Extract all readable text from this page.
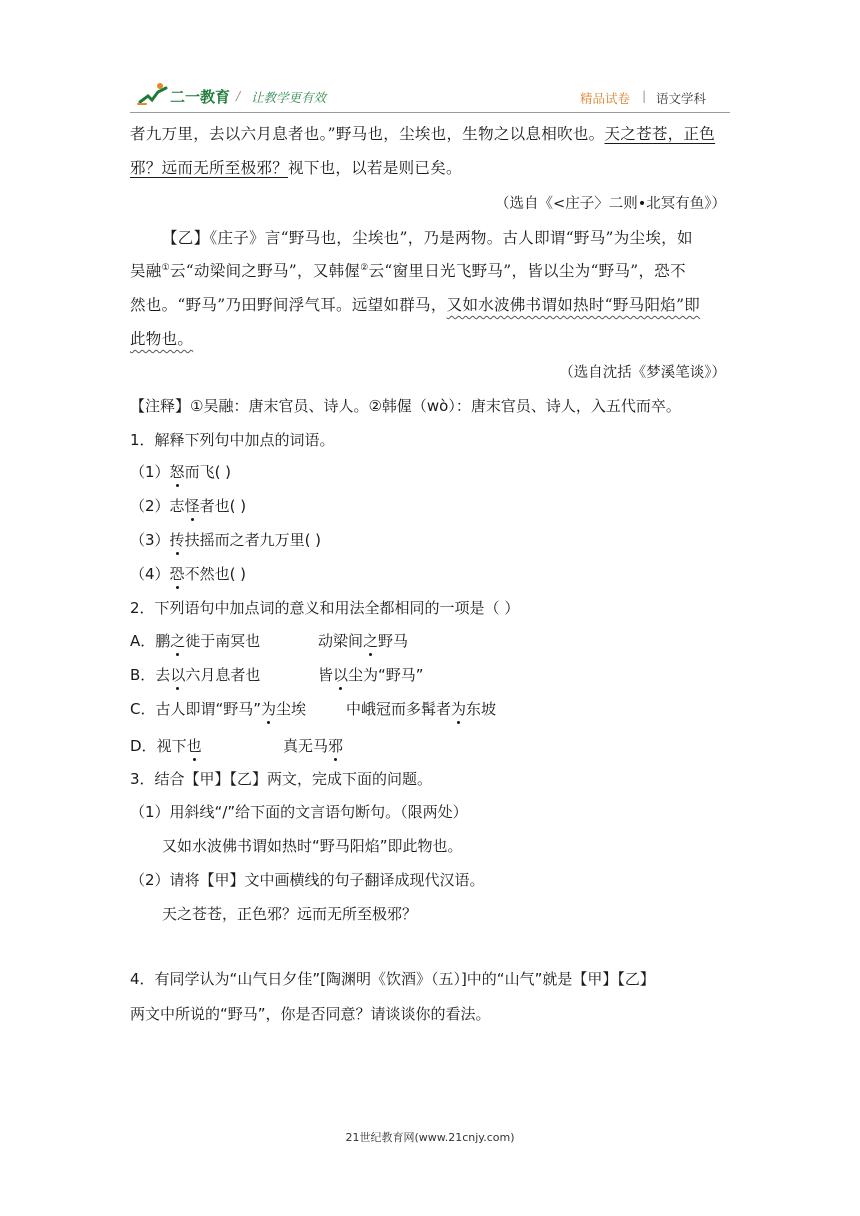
二一教育 / 让教学更有效	精品试卷 | 语文学科
者九万里，去以六月息者也。”野马也，尘埃也，生物之以息相吹也。天之苍苍，正色
邪？远而无所至极邪？视下也，以若是则已矣。
（选自《<庄子〉二则•北冥有鱼》）
【乙】《庄子》言“野马也，尘埃也”，乃是两物。古人即谓“野马”为尘埃，如
吴融①云“动梁间之野马”，又韩偓②云“窗里日光飞野马”，皆以尘为“野马”，恐不
然也。“野马”乃田野间浮气耳。远望如群马，又如水波佛书谓如热时“野马阳焰”即
此物也。
（选自沈括《梦溪笔谈》）
【注释】①吴融：唐末官员、诗人。②韩偓（wò）：唐末官员、诗人，入五代而卒。
1．解释下列句中加点的词语。
（1）怒而飞( )
（2）志怪者也( )
（3）抟扶摇而之者九万里( )
（4）恐不然也( )
2．下列语句中加点词的意义和用法全都相同的一项是（ ）
A．鹏之徙于南冥也	动梁间之野马
B．去以六月息者也	皆以尘为“野马”
C．古人即谓“野马”为尘埃	中峨冠而多髯者为东坡
D．视下也	真无马邪
3．结合【甲】【乙】两文，完成下面的问题。
（1）用斜线“/”给下面的文言语句断句。（限两处）
又如水波佛书谓如热时“野马阳焰”即此物也。
（2）请将【甲】文中画横线的句子翻译成现代汉语。
天之苍苍，正色邪？远而无所至极邪？
4．有同学认为“山气日夕佳”[陶渊明《饮酒》（五）]中的“山气”就是【甲】【乙】
两文中所说的“野马”，你是否同意？请谈谈你的看法。
21世纪教育网(www.21cnjy.com)
